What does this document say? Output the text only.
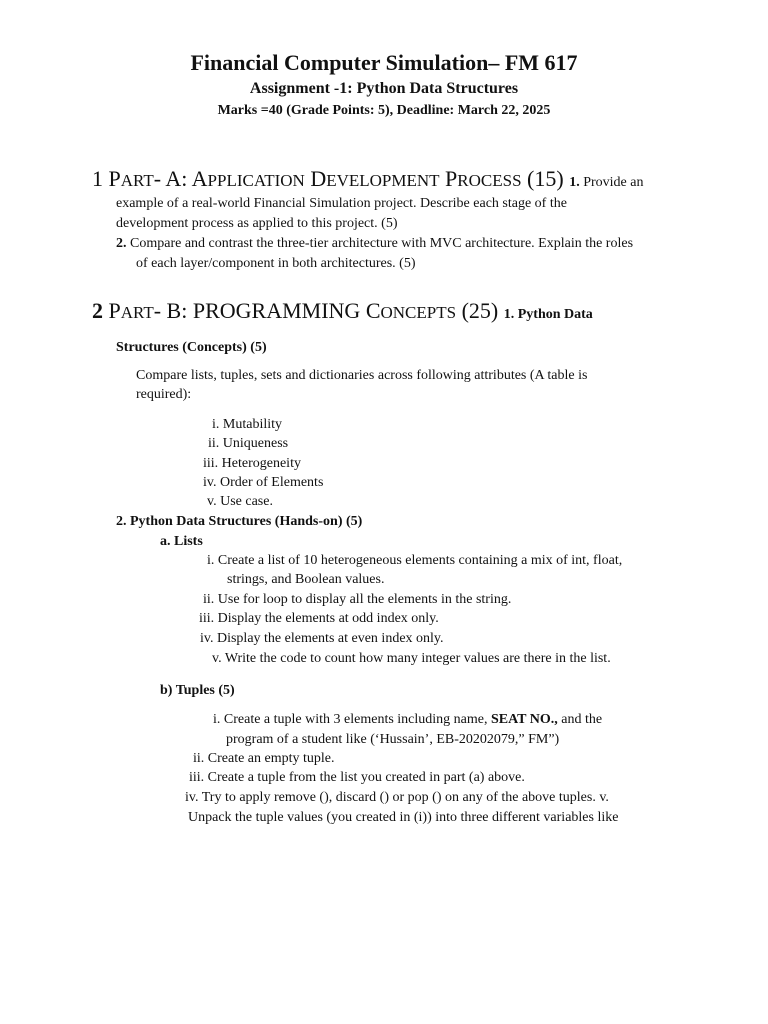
Financial Computer Simulation– FM 617
Assignment -1: Python Data Structures
Marks =40 (Grade Points: 5), Deadline: March 22, 2025
1 PART- A: APPLICATION DEVELOPMENT PROCESS (15) 1. Provide an
example of a real-world Financial Simulation project. Describe each stage of the
development process as applied to this project. (5)
2. Compare and contrast the three-tier architecture with MVC architecture. Explain the roles
of each layer/component in both architectures. (5)
2 PART- B: PROGRAMMING CONCEPTS (25) 1. Python Data
Structures (Concepts) (5)
Compare lists, tuples, sets and dictionaries across following attributes (A table is
required):
i. Mutability
ii. Uniqueness
iii. Heterogeneity
iv. Order of Elements
v. Use case.
2. Python Data Structures (Hands-on) (5)
a. Lists
i. Create a list of 10 heterogeneous elements containing a mix of int, float,
strings, and Boolean values.
ii. Use for loop to display all the elements in the string.
iii. Display the elements at odd index only.
iv. Display the elements at even index only.
v. Write the code to count how many integer values are there in the list.
b) Tuples (5)
i. Create a tuple with 3 elements including name, SEAT NO., and the
program of a student like (‘Hussain’, EB-20202079,” FM”)
ii. Create an empty tuple.
iii. Create a tuple from the list you created in part (a) above.
iv. Try to apply remove (), discard () or pop () on any of the above tuples. v.
Unpack the tuple values (you created in (i)) into three different variables like
